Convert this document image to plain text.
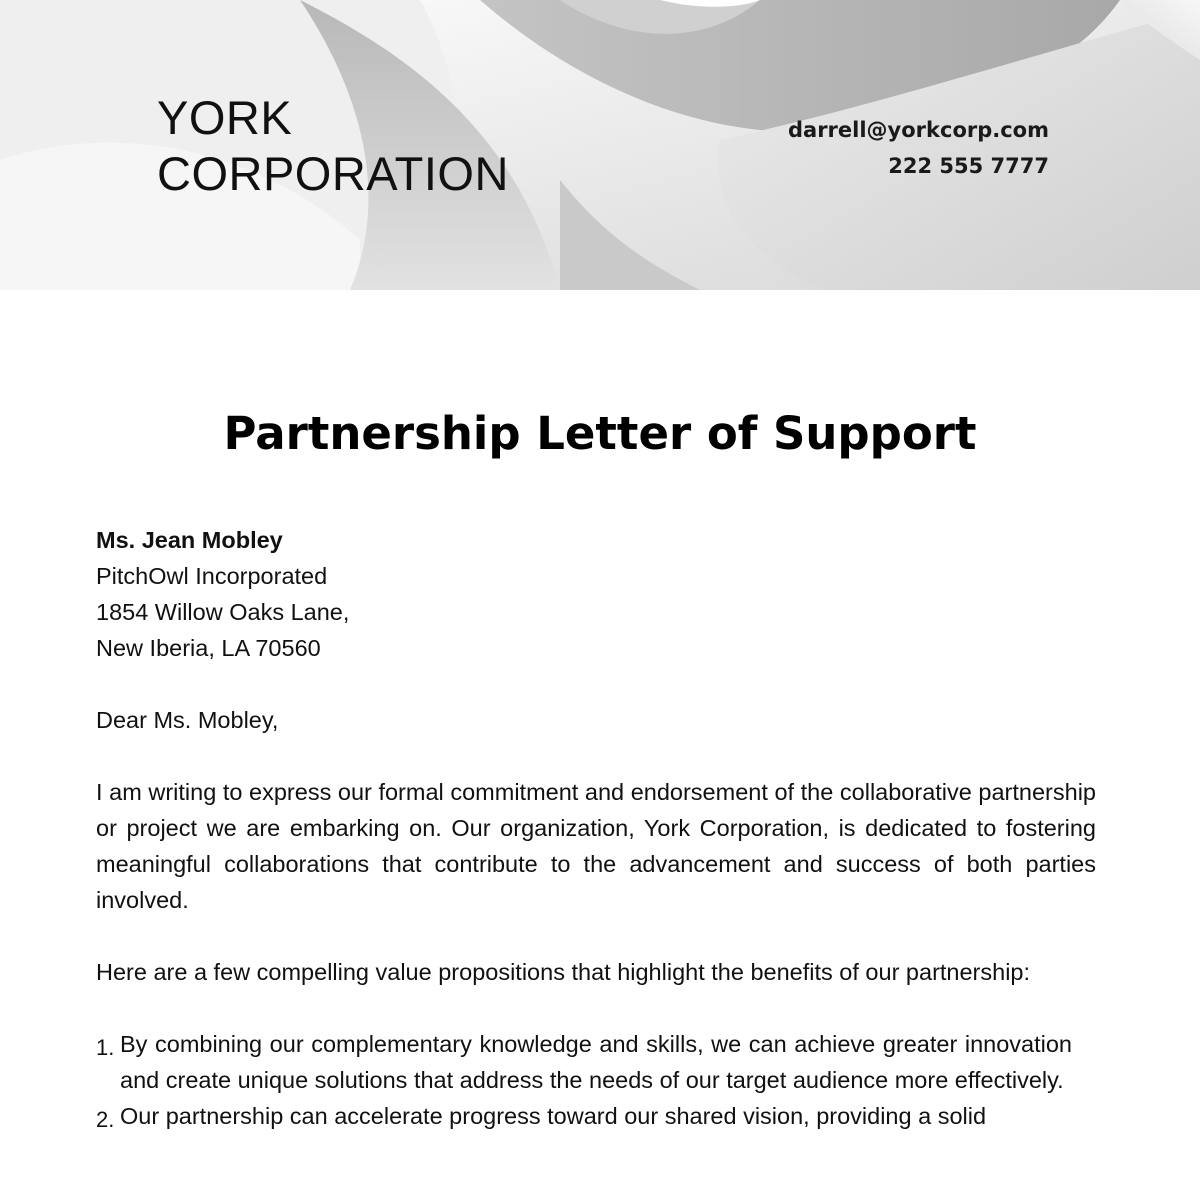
YORK
CORPORATION
darrell@yorkcorp.com
222 555 7777
Partnership Letter of Support
Ms. Jean Mobley
PitchOwl Incorporated
1854 Willow Oaks Lane,
New Iberia, LA 70560

Dear Ms. Mobley,

I am writing to express our formal commitment and endorsement of the collaborative partnership or project we are embarking on. Our organization, York Corporation, is dedicated to fostering meaningful collaborations that contribute to the advancement and success of both parties involved.

Here are a few compelling value propositions that highlight the benefits of our partnership:

1. By combining our complementary knowledge and skills, we can achieve greater innovation and create unique solutions that address the needs of our target audience more effectively.
2. Our partnership can accelerate progress toward our shared vision, providing a solid
